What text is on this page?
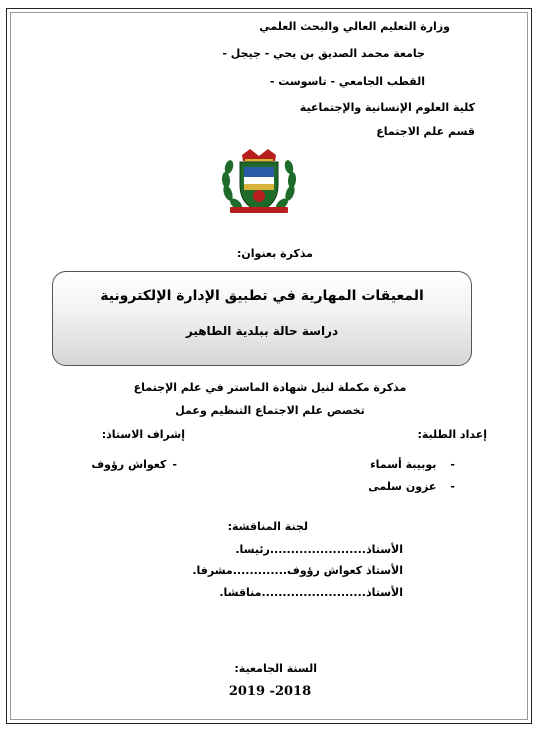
وزارة التعليم العالي والبحث العلمي
جامعة محمد الصديق بن يحي - جيجل -
القطب الجامعي - تاسوست -
كلية العلوم الإنسانية والإجتماعية
قسم علم الاجتماع
مذكرة بعنوان:
المعيقات المهارية في تطبيق الإدارة الإلكترونية
دراسة حالة ببلدية الطاهير
مذكرة مكملة لنيل شهادة الماستر في علم الإجتماع
تخصص علم الاجتماع التنظيم وعمل
إعداد الطلبة:
إشراف الاستاذ:
-بوبيبة أسماء
-عزون سلمى
-كعواش رؤوف
لجنة المناقشة:
الأستاذ.......................رئيسا.
الأستاذ كعواش رؤوف.............مشرفا.
الأستاذ.........................مناقشا.
السنة الجامعية:
2018- 2019
